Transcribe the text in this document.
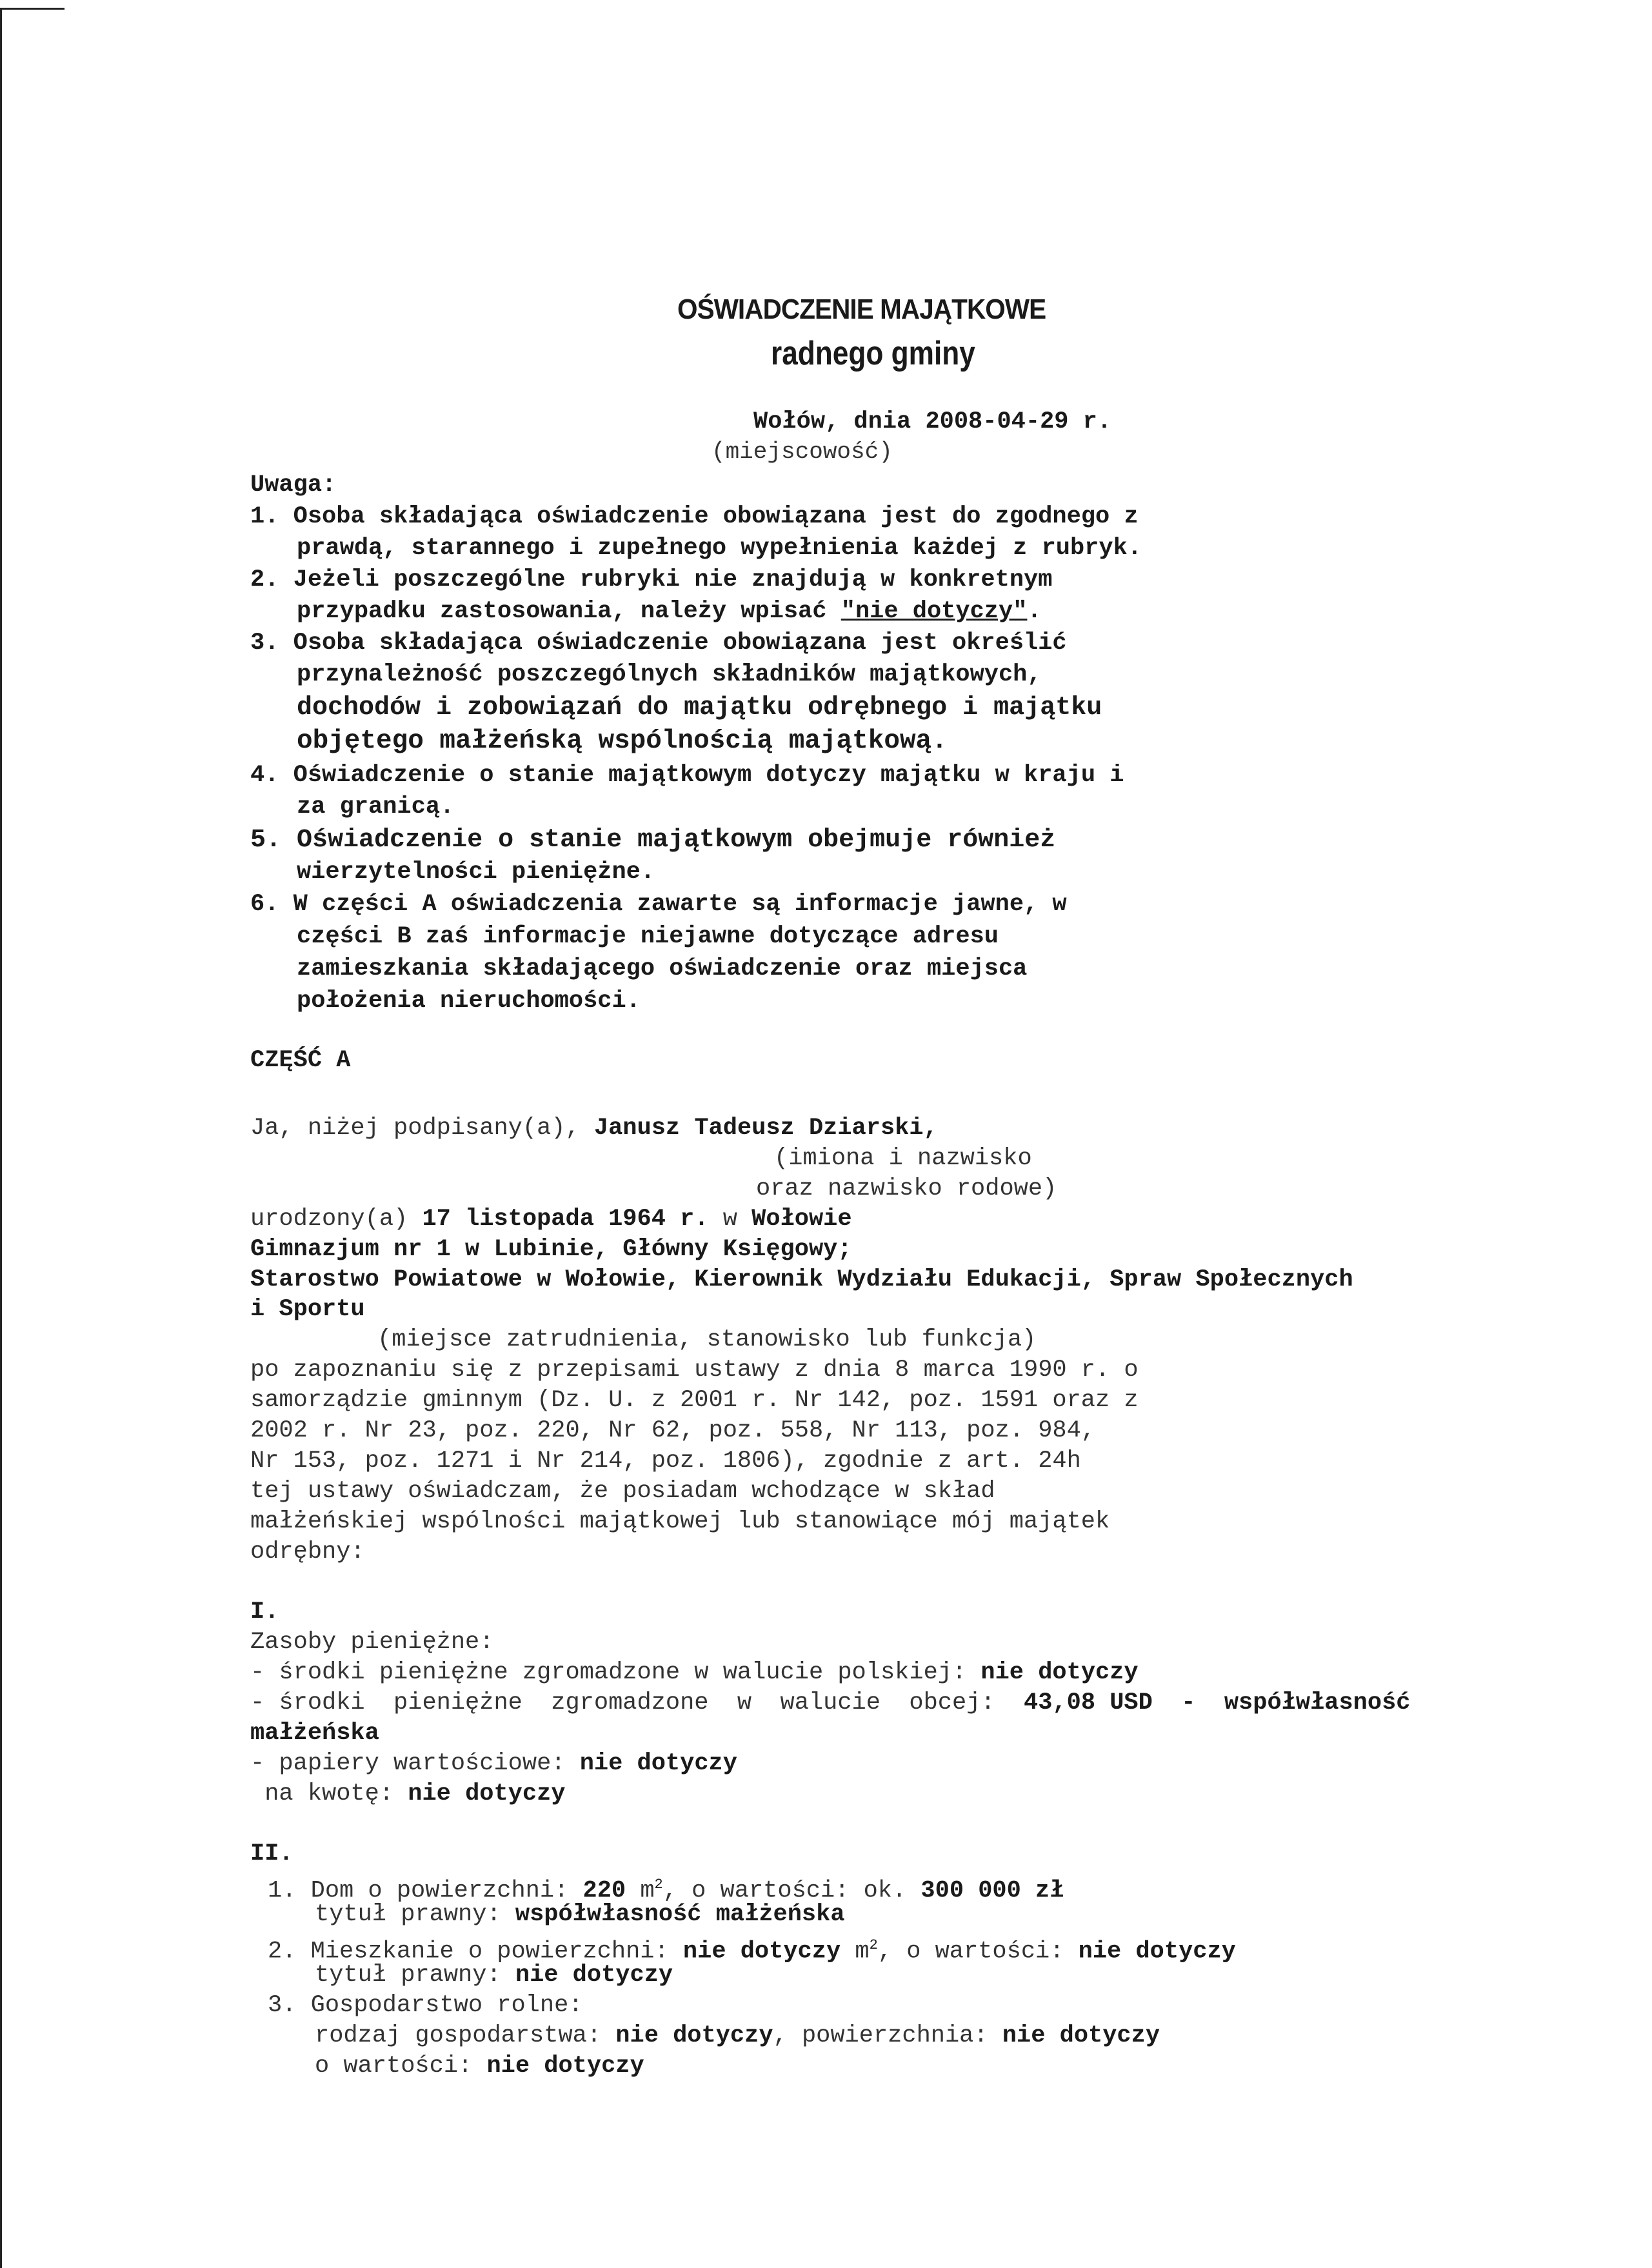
OŚWIADCZENIE MAJĄTKOWE
radnego gminy
Wołów, dnia 2008-04-29 r.
(miejscowość)
Uwaga:
1. Osoba składająca oświadczenie obowiązana jest do zgodnego z
prawdą, starannego i zupełnego wypełnienia każdej z rubryk.
2. Jeżeli poszczególne rubryki nie znajdują w konkretnym
przypadku zastosowania, należy wpisać "nie dotyczy".
3. Osoba składająca oświadczenie obowiązana jest określić
przynależność poszczególnych składników majątkowych,
dochodów i zobowiązań do majątku odrębnego i majątku
objętego małżeńską wspólnością majątkową.
4. Oświadczenie o stanie majątkowym dotyczy majątku w kraju i
za granicą.
5. Oświadczenie o stanie majątkowym obejmuje również
wierzytelności pieniężne.
6. W części A oświadczenia zawarte są informacje jawne, w
części B zaś informacje niejawne dotyczące adresu
zamieszkania składającego oświadczenie oraz miejsca
położenia nieruchomości.
CZĘŚĆ A
Ja, niżej podpisany(a), Janusz Tadeusz Dziarski,
(imiona i nazwisko
oraz nazwisko rodowe)
urodzony(a) 17 listopada 1964 r. w Wołowie
Gimnazjum nr 1 w Lubinie, Główny Księgowy;
Starostwo Powiatowe w Wołowie, Kierownik Wydziału Edukacji, Spraw Społecznych
i Sportu
(miejsce zatrudnienia, stanowisko lub funkcja)
po zapoznaniu się z przepisami ustawy z dnia 8 marca 1990 r. o
samorządzie gminnym (Dz. U. z 2001 r. Nr 142, poz. 1591 oraz z
2002 r. Nr 23, poz. 220, Nr 62, poz. 558, Nr 113, poz. 984,
Nr 153, poz. 1271 i Nr 214, poz. 1806), zgodnie z art. 24h
tej ustawy oświadczam, że posiadam wchodzące w skład
małżeńskiej wspólności majątkowej lub stanowiące mój majątek
odrębny:
I.
Zasoby pieniężne:
- środki pieniężne zgromadzone w walucie polskiej: nie dotyczy
- środki  pieniężne  zgromadzone  w  walucie  obcej:  43,08 USD  -  współwłasność
małżeńska
- papiery wartościowe: nie dotyczy
na kwotę: nie dotyczy
II.
1. Dom o powierzchni: 220 $m^2$, o wartości: ok. 300 000 zł
tytuł prawny: współwłasność małżeńska
2. Mieszkanie o powierzchni: nie dotyczy $m^2$, o wartości: nie dotyczy
tytuł prawny: nie dotyczy
3. Gospodarstwo rolne:
rodzaj gospodarstwa: nie dotyczy, powierzchnia: nie dotyczy
o wartości: nie dotyczy
